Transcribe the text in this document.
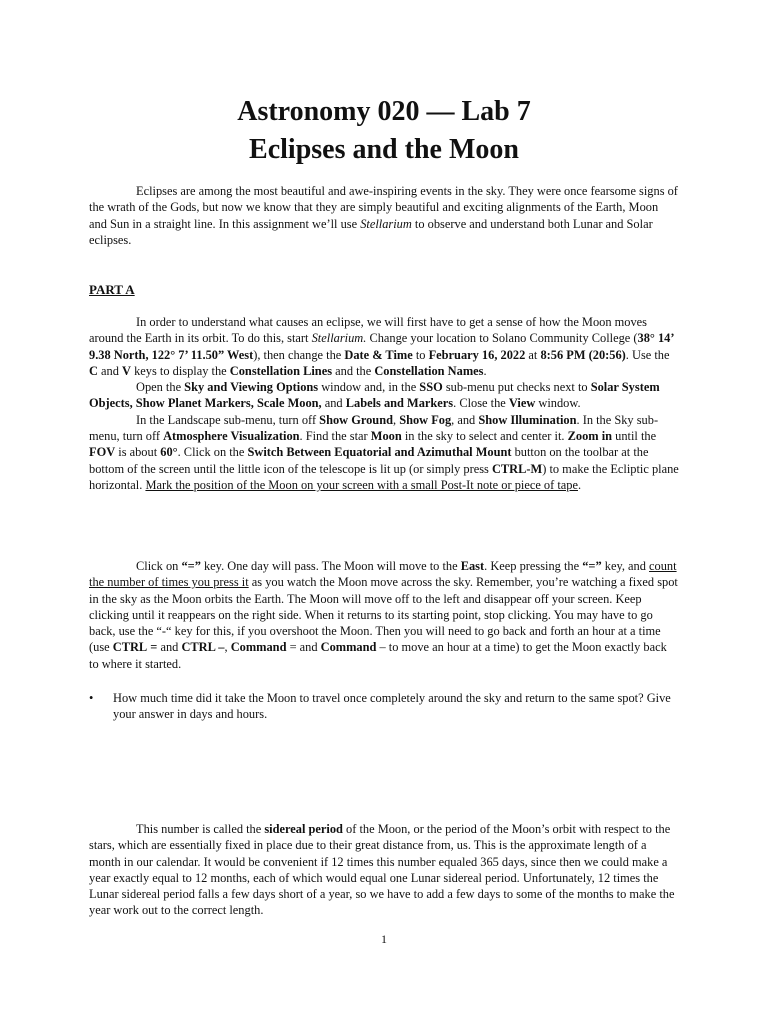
Astronomy 020 — Lab 7
Eclipses and the Moon

Eclipses are among the most beautiful and awe-inspiring events in the sky. They were once fearsome signs of the wrath of the Gods, but now we know that they are simply beautiful and exciting alignments of the Earth, Moon and Sun in a straight line. In this assignment we’ll use Stellarium to observe and understand both Lunar and Solar eclipses.

PART A

In order to understand what causes an eclipse, we will first have to get a sense of how the Moon moves around the Earth in its orbit. To do this, start Stellarium. Change your location to Solano Community College (38° 14’ 9.38 North, 122° 7’ 11.50” West), then change the Date & Time to February 16, 2022 at 8:56 PM (20:56). Use the C and V keys to display the Constellation Lines and the Constellation Names.

Open the Sky and Viewing Options window and, in the SSO sub-menu put checks next to Solar System Objects, Show Planet Markers, Scale Moon, and Labels and Markers. Close the View window.

In the Landscape sub-menu, turn off Show Ground, Show Fog, and Show Illumination. In the Sky sub-menu, turn off Atmosphere Visualization. Find the star Moon in the sky to select and center it. Zoom in until the FOV is about 60°. Click on the Switch Between Equatorial and Azimuthal Mount button on the toolbar at the bottom of the screen until the little icon of the telescope is lit up (or simply press CTRL-M) to make the Ecliptic plane horizontal. Mark the position of the Moon on your screen with a small Post-It note or piece of tape.

Click on “=” key. One day will pass. The Moon will move to the East. Keep pressing the “=” key, and count the number of times you press it as you watch the Moon move across the sky. Remember, you’re watching a fixed spot in the sky as the Moon orbits the Earth. The Moon will move off to the left and disappear off your screen. Keep clicking until it reappears on the right side. When it returns to its starting point, stop clicking. You may have to go back, use the “-“ key for this, if you overshoot the Moon. Then you will need to go back and forth an hour at a time (use CTRL = and CTRL –, Command = and Command – to move an hour at a time) to get the Moon exactly back to where it started.

• How much time did it take the Moon to travel once completely around the sky and return to the same spot? Give your answer in days and hours.

This number is called the sidereal period of the Moon, or the period of the Moon’s orbit with respect to the stars, which are essentially fixed in place due to their great distance from, us. This is the approximate length of a month in our calendar. It would be convenient if 12 times this number equaled 365 days, since then we could make a year exactly equal to 12 months, each of which would equal one Lunar sidereal period. Unfortunately, 12 times the Lunar sidereal period falls a few days short of a year, so we have to add a few days to some of the months to make the year work out to the correct length.

1
